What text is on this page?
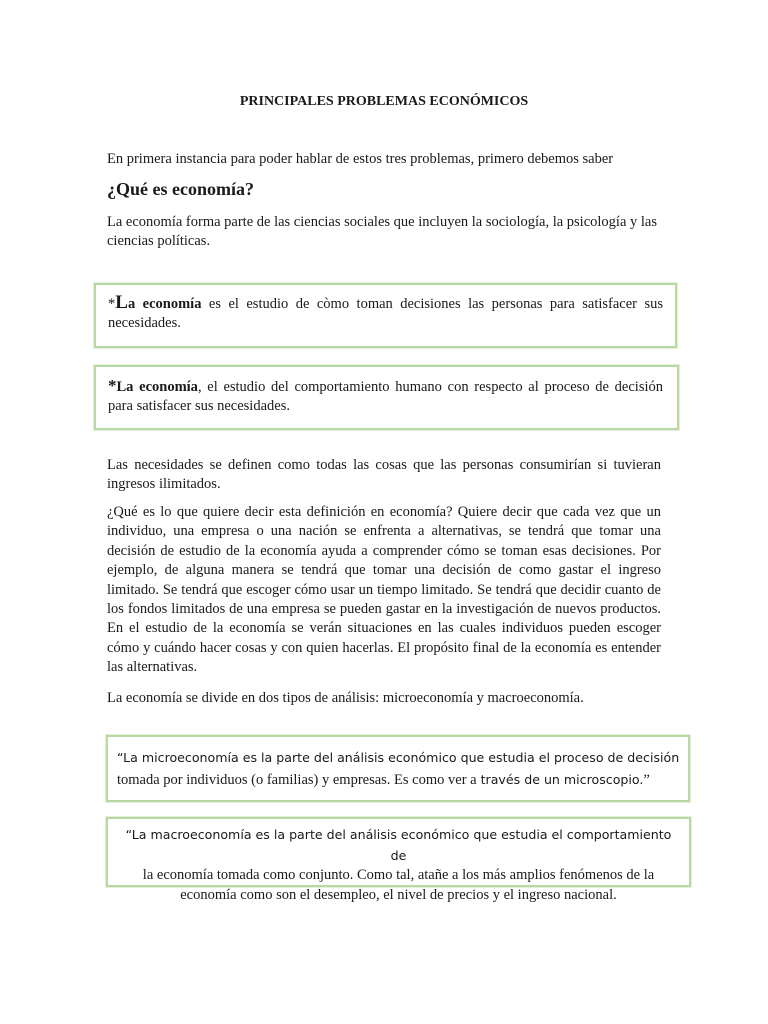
PRINCIPALES PROBLEMAS ECONÓMICOS

En primera instancia para poder hablar de estos tres problemas, primero debemos saber

¿Qué es economía?

La economía forma parte de las ciencias sociales que incluyen la sociología, la psicología y las ciencias políticas.

*La economía es el estudio de còmo toman decisiones las personas para satisfacer sus necesidades.

*La economía, el estudio del comportamiento humano con respecto al proceso de decisión para satisfacer sus necesidades.

Las necesidades se definen como todas las cosas que las personas consumirían si tuvieran ingresos ilimitados.

¿Qué es lo que quiere decir esta definición en economía? Quiere decir que cada vez que un individuo, una empresa o una nación se enfrenta a alternativas, se tendrá que tomar una decisión de estudio de la economía ayuda a comprender cómo se toman esas decisiones. Por ejemplo, de alguna manera se tendrá que tomar una decisión de como gastar el ingreso limitado. Se tendrá que escoger cómo usar un tiempo limitado. Se tendrá que decidir cuanto de los fondos limitados de una empresa se pueden gastar en la investigación de nuevos productos. En el estudio de la economía se verán situaciones en las cuales individuos pueden escoger cómo y cuándo hacer cosas y con quien hacerlas. El propósito final de la economía es entender las alternativas.

La economía se divide en dos tipos de análisis: microeconomía y macroeconomía.

“La microeconomía es la parte del análisis económico que estudia el proceso de decisión
tomada por individuos (o familias) y empresas. Es como ver a través de un microscopio.”

“La macroeconomía es la parte del análisis económico que estudia el comportamiento de
la economía tomada como conjunto. Como tal, atañe a los más amplios fenómenos de la economía como son el desempleo, el nivel de precios y el ingreso nacional.
